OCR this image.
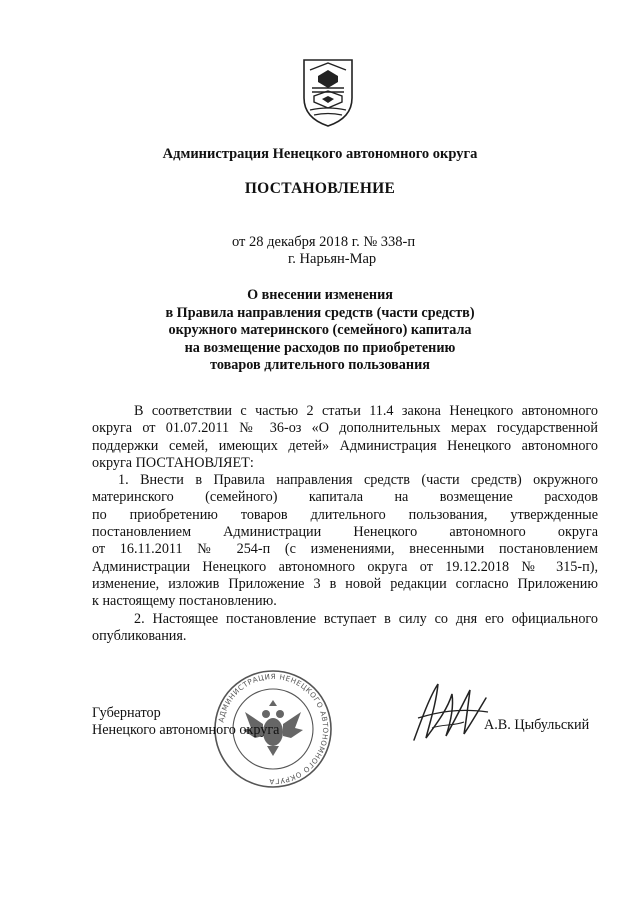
Администрация Ненецкого автономного округа
ПОСТАНОВЛЕНИЕ
от 28 декабря 2018 г. № 338-п
г. Нарьян-Мар
О внесении изменения
в Правила направления средств (части средств)
окружного материнского (семейного) капитала
на возмещение расходов по приобретению
товаров длительного пользования
В соответствии с частью 2 статьи 11.4 закона Ненецкого автономного
округа от 01.07.2011 № 36-оз «О дополнительных мерах государственной
поддержки семей, имеющих детей» Администрация Ненецкого автономного
округа ПОСТАНОВЛЯЕТ:
1. Внести в Правила направления средств (части средств) окружного
материнского (семейного) капитала на возмещение расходов
по приобретению товаров длительного пользования, утвержденные
постановлением Администрации Ненецкого автономного округа
от 16.11.2011 № 254-п (с изменениями, внесенными постановлением
Администрации Ненецкого автономного округа от 19.12.2018 № 315-п),
изменение, изложив Приложение 3 в новой редакции согласно Приложению
к настоящему постановлению.
2. Настоящее постановление вступает в силу со дня его официального
опубликования.
АДМИНИСТРАЦИЯ НЕНЕЦКОГО АВТОНОМНОГО ОКРУГА
Губернатор
Ненецкого автономного округа	А.В. Цыбульский
